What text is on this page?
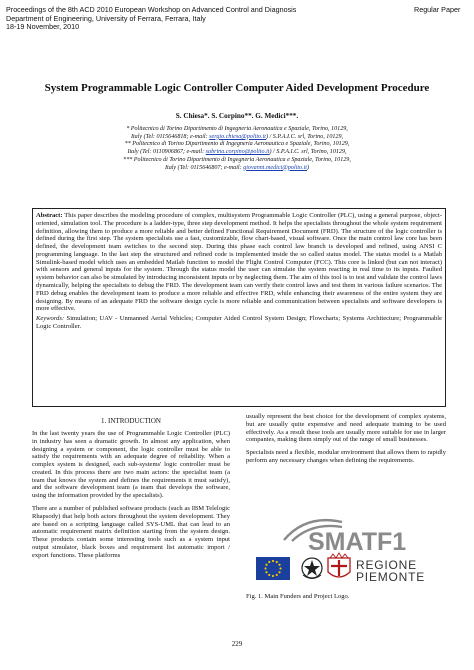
Proceedings of the 8th ACD 2010 European Workshop on Advanced Control and Diagnosis	Regular Paper
Department of Engineering, University of Ferrara, Ferrara, Italy
18-19 November, 2010
System Programmable Logic Controller Computer Aided Development Procedure
S. Chiesa*. S. Corpino**. G. Medici***.

* Politecnico di Torino Dipartimento di Ingegneria Aeronautica e Spaziale, Torino, 10129,

Italy (Tel: 0115646818; e-mail: sergio.chiesa@polito.it) / S.P.A.I.C. srl, Torino, 10129,

** Politecnico di Torino Dipartimento di Ingegneria Aeronautica e Spaziale, Torino, 10129,

Italy (Tel: 0110906867; e-mail: sabrina.corpino@polito.it) / S.P.A.I.C. srl, Torino, 10129,

*** Politecnico di Torino Dipartimento di Ingegneria Aeronautica e Spaziale, Torino, 10129,

Italy (Tel: 0115646807; e-mail: giovanni.medici@polito.it)

Abstract: This paper describes the modeling procedure of complex, multisystem Programmable Logic Controller (PLC), using a general purpose, object-oriented, simulation tool. The procedure is a ladder-type, three step development method. It helps the specialists throughout the whole system requirement definition, allowing them to produce a more reliable and better defined Functional Requirement Document (FRD). The structure of the logic controller is defined during the first step. The system specialists use a fast, customizable, flow chart-based, visual software. Once the main control law core has been defined, the development team switches to the second step. During this phase each control law branch is developed and refined, using ANSI C programming language. In the last step the structured and refined code is implemented inside the so called status model. The status model is a Matlab Simulink-based model which uses an embedded Matlab function to model the Flight Control Computer (FCC). This core is linked (but can not interact) with sensors and general inputs for the system. Through the status model the user can simulate the system reacting in real time to its inputs. Faulted system behavior can also be simulated by introducing inconsistent inputs or by neglecting them. The aim of this tool is to test and validate the control laws dynamically, helping the specialists to debug the FRD. The development team can verify their control laws and test them in various failure scenarios. The FRD debug enables the development team to produce a more reliable and effective FRD, while enhancing their awareness of the entire system they are designing. By means of an adequate FRD the software design cycle is more reliable and communication between specialists and software developers is more effective.

Keywords: Simulation; UAV - Unmanned Aerial Vehicles; Computer Aided Control System Design; Flowcharts; Systems Architecture; Programmable Logic Controller.

1. INTRODUCTION

In the last twenty years the use of Programmable Logic Controller (PLC) in industry has seen a dramatic growth. In almost any application, when designing a system or component, the logic controller must be able to satisfy the requirements with an adequate degree of reliability. When a complex system is designed, each sub-systems' logic controller must be created. In this process there are two main actors: the specialist team (a team that knows the system and defines the requirements it must satisfy), and the software development team (a team that develops the software, using the information provided by the specialists).

There are a number of published software products (such as IBM Telelogic Rhapsody) that help both actors throughout the system development. They are based on a scripting language called SYS-UML that can lead to an automatic requirement matrix definition starting from the system design. These products contain some interesting tools such as a system input output simulator, black boxes and requirement list automatic import / export functions. These platforms

usually represent the best choice for the development of complex systems, but are usually quite expensive and need adequate training to be used effectively. As a result these tools are usually more suitable for use in larger companies, making them simply out of the range of small businesses.

Specialists need a flexible, modular environment that allows them to rapidly perform any necessary changes when defining the requirements.

SMATF1
REGIONE
PIEMONTE
Fig. 1. Main Funders and Project Logo.
229
